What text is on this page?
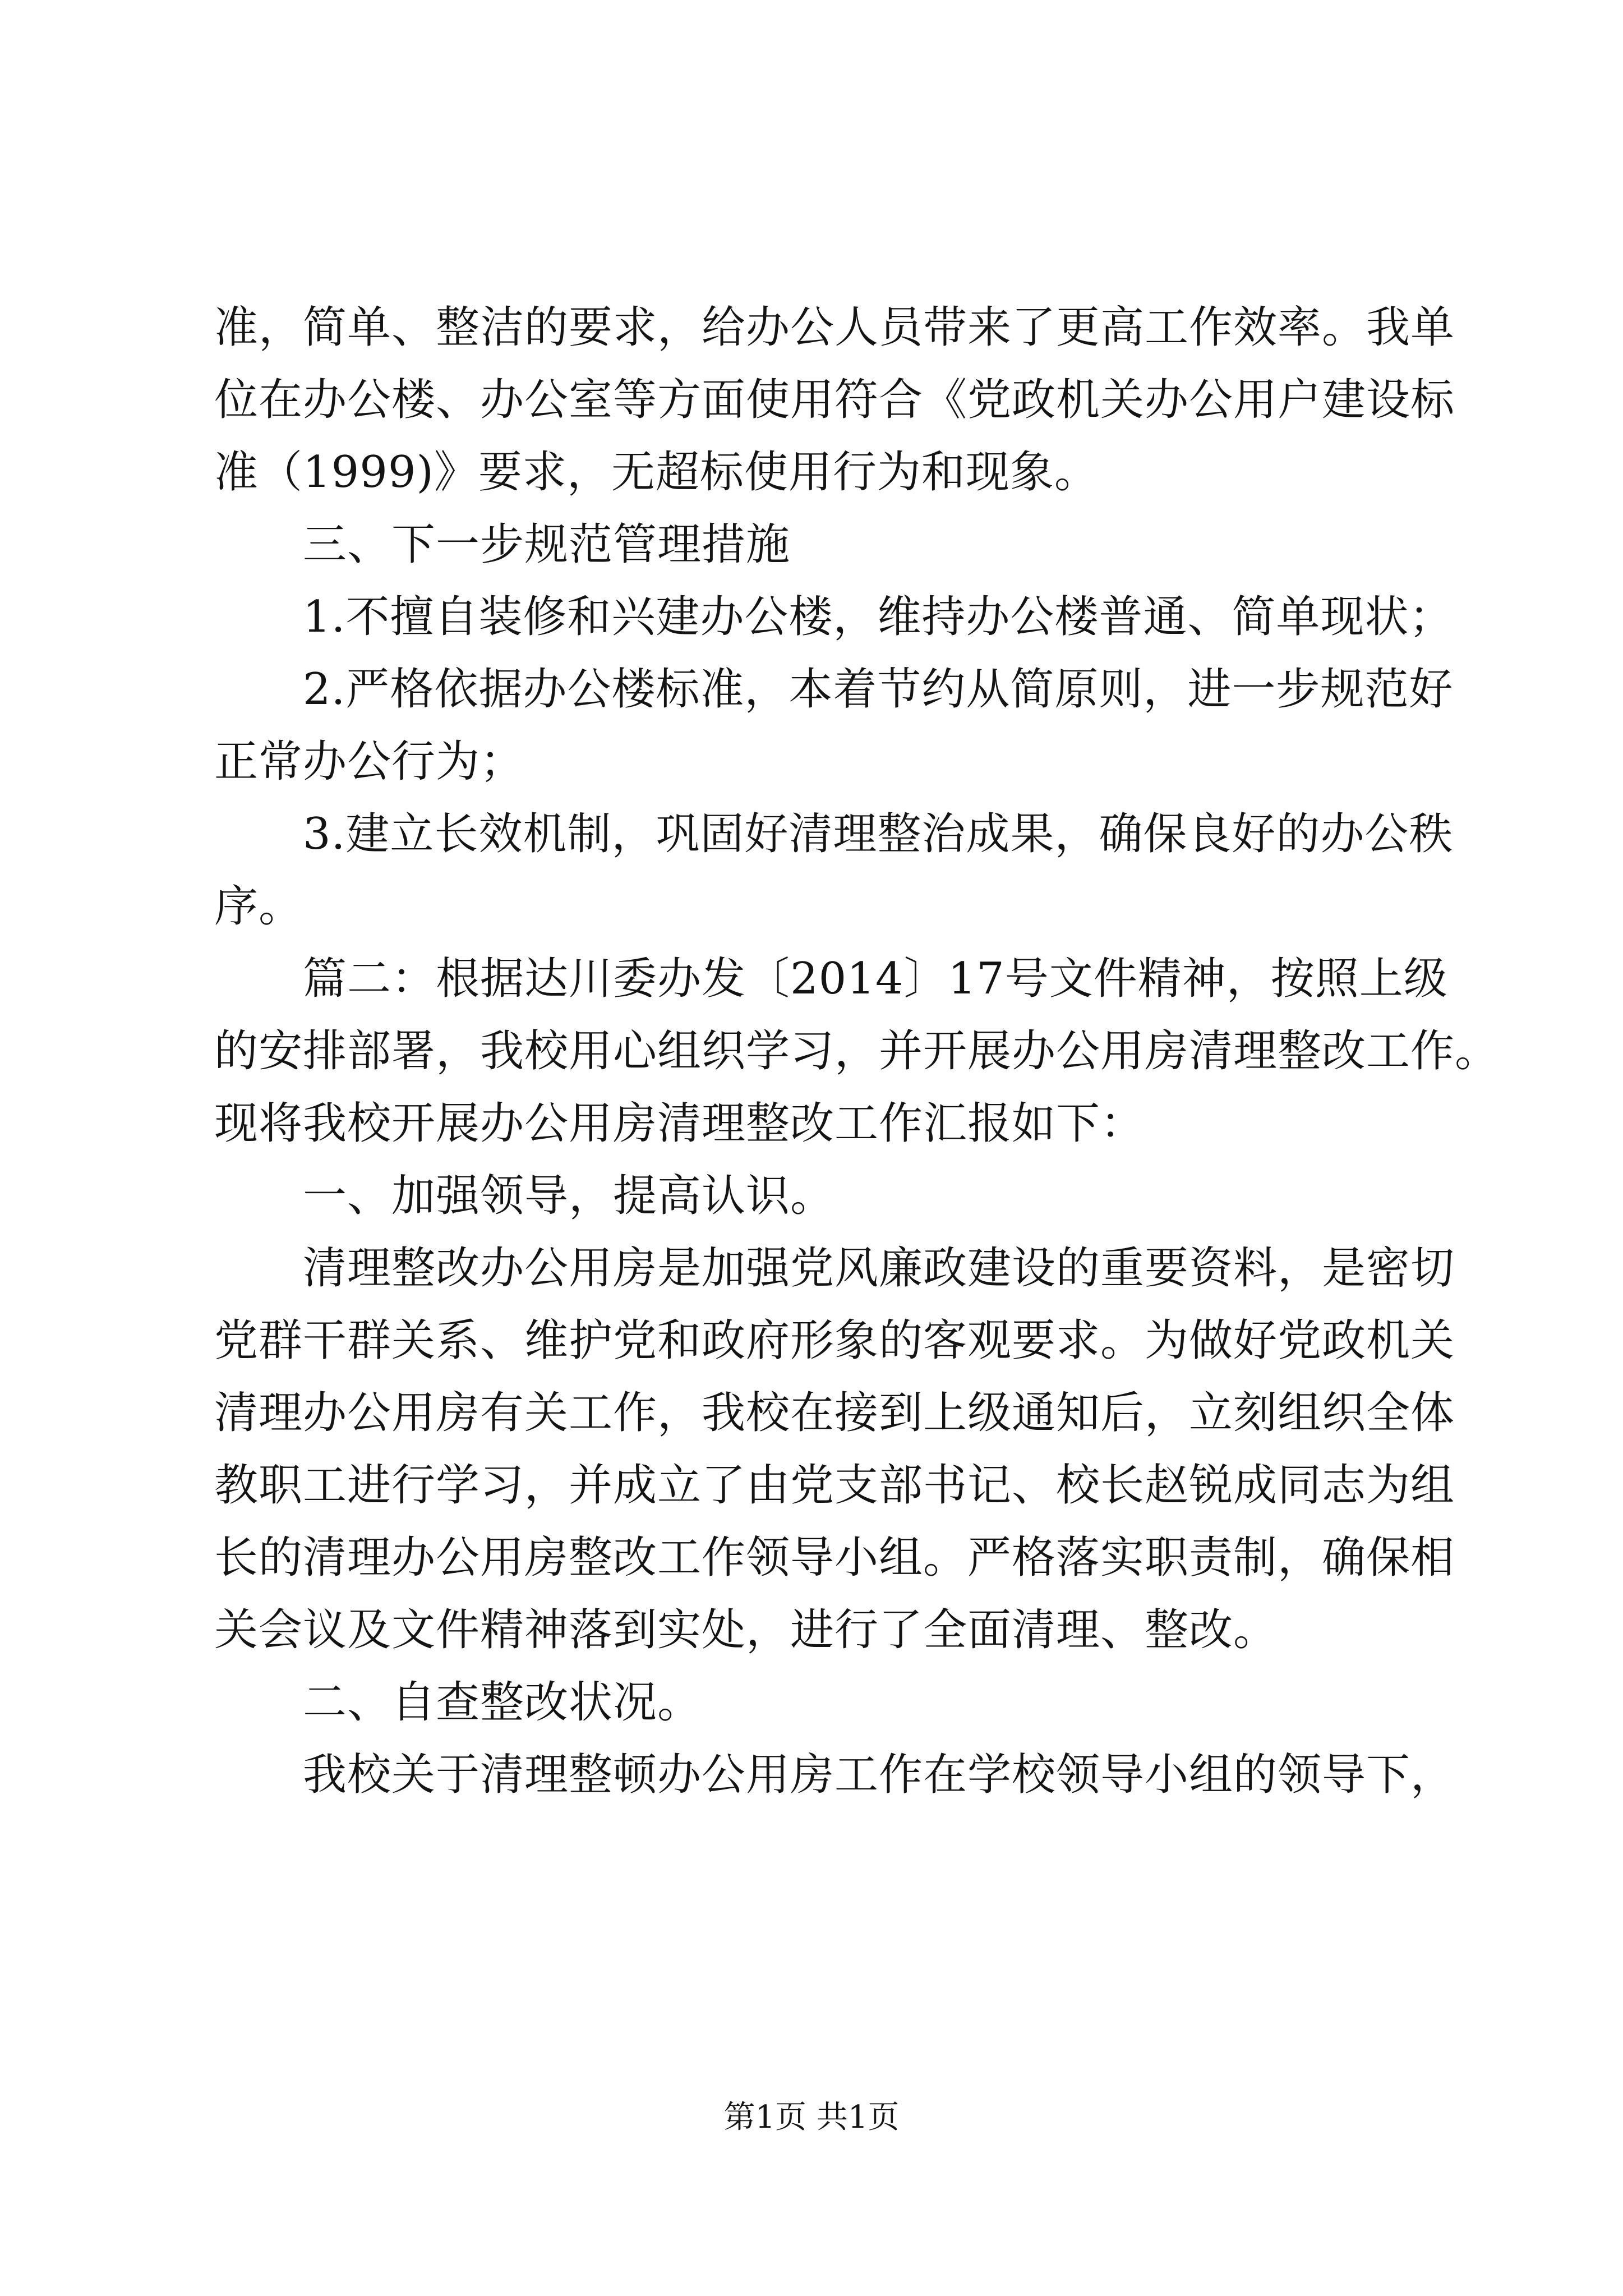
准，简单、整洁的要求，给办公人员带来了更高工作效率。我单
位在办公楼、办公室等方面使用符合《党政机关办公用户建设标
准（1999)》要求，无超标使用行为和现象。
三、下一步规范管理措施
1.不擅自装修和兴建办公楼，维持办公楼普通、简单现状；
2.严格依据办公楼标准，本着节约从简原则，进一步规范好
正常办公行为；
3.建立长效机制，巩固好清理整治成果，确保良好的办公秩
序。
篇二：根据达川委办发〔2014〕17号文件精神，按照上级
的安排部署，我校用心组织学习，并开展办公用房清理整改工作。
现将我校开展办公用房清理整改工作汇报如下：
一、加强领导，提高认识。
清理整改办公用房是加强党风廉政建设的重要资料，是密切
党群干群关系、维护党和政府形象的客观要求。为做好党政机关
清理办公用房有关工作，我校在接到上级通知后，立刻组织全体
教职工进行学习，并成立了由党支部书记、校长赵锐成同志为组
长的清理办公用房整改工作领导小组。严格落实职责制，确保相
关会议及文件精神落到实处，进行了全面清理、整改。
二、自查整改状况。
我校关于清理整顿办公用房工作在学校领导小组的领导下，
第1页 共1页
